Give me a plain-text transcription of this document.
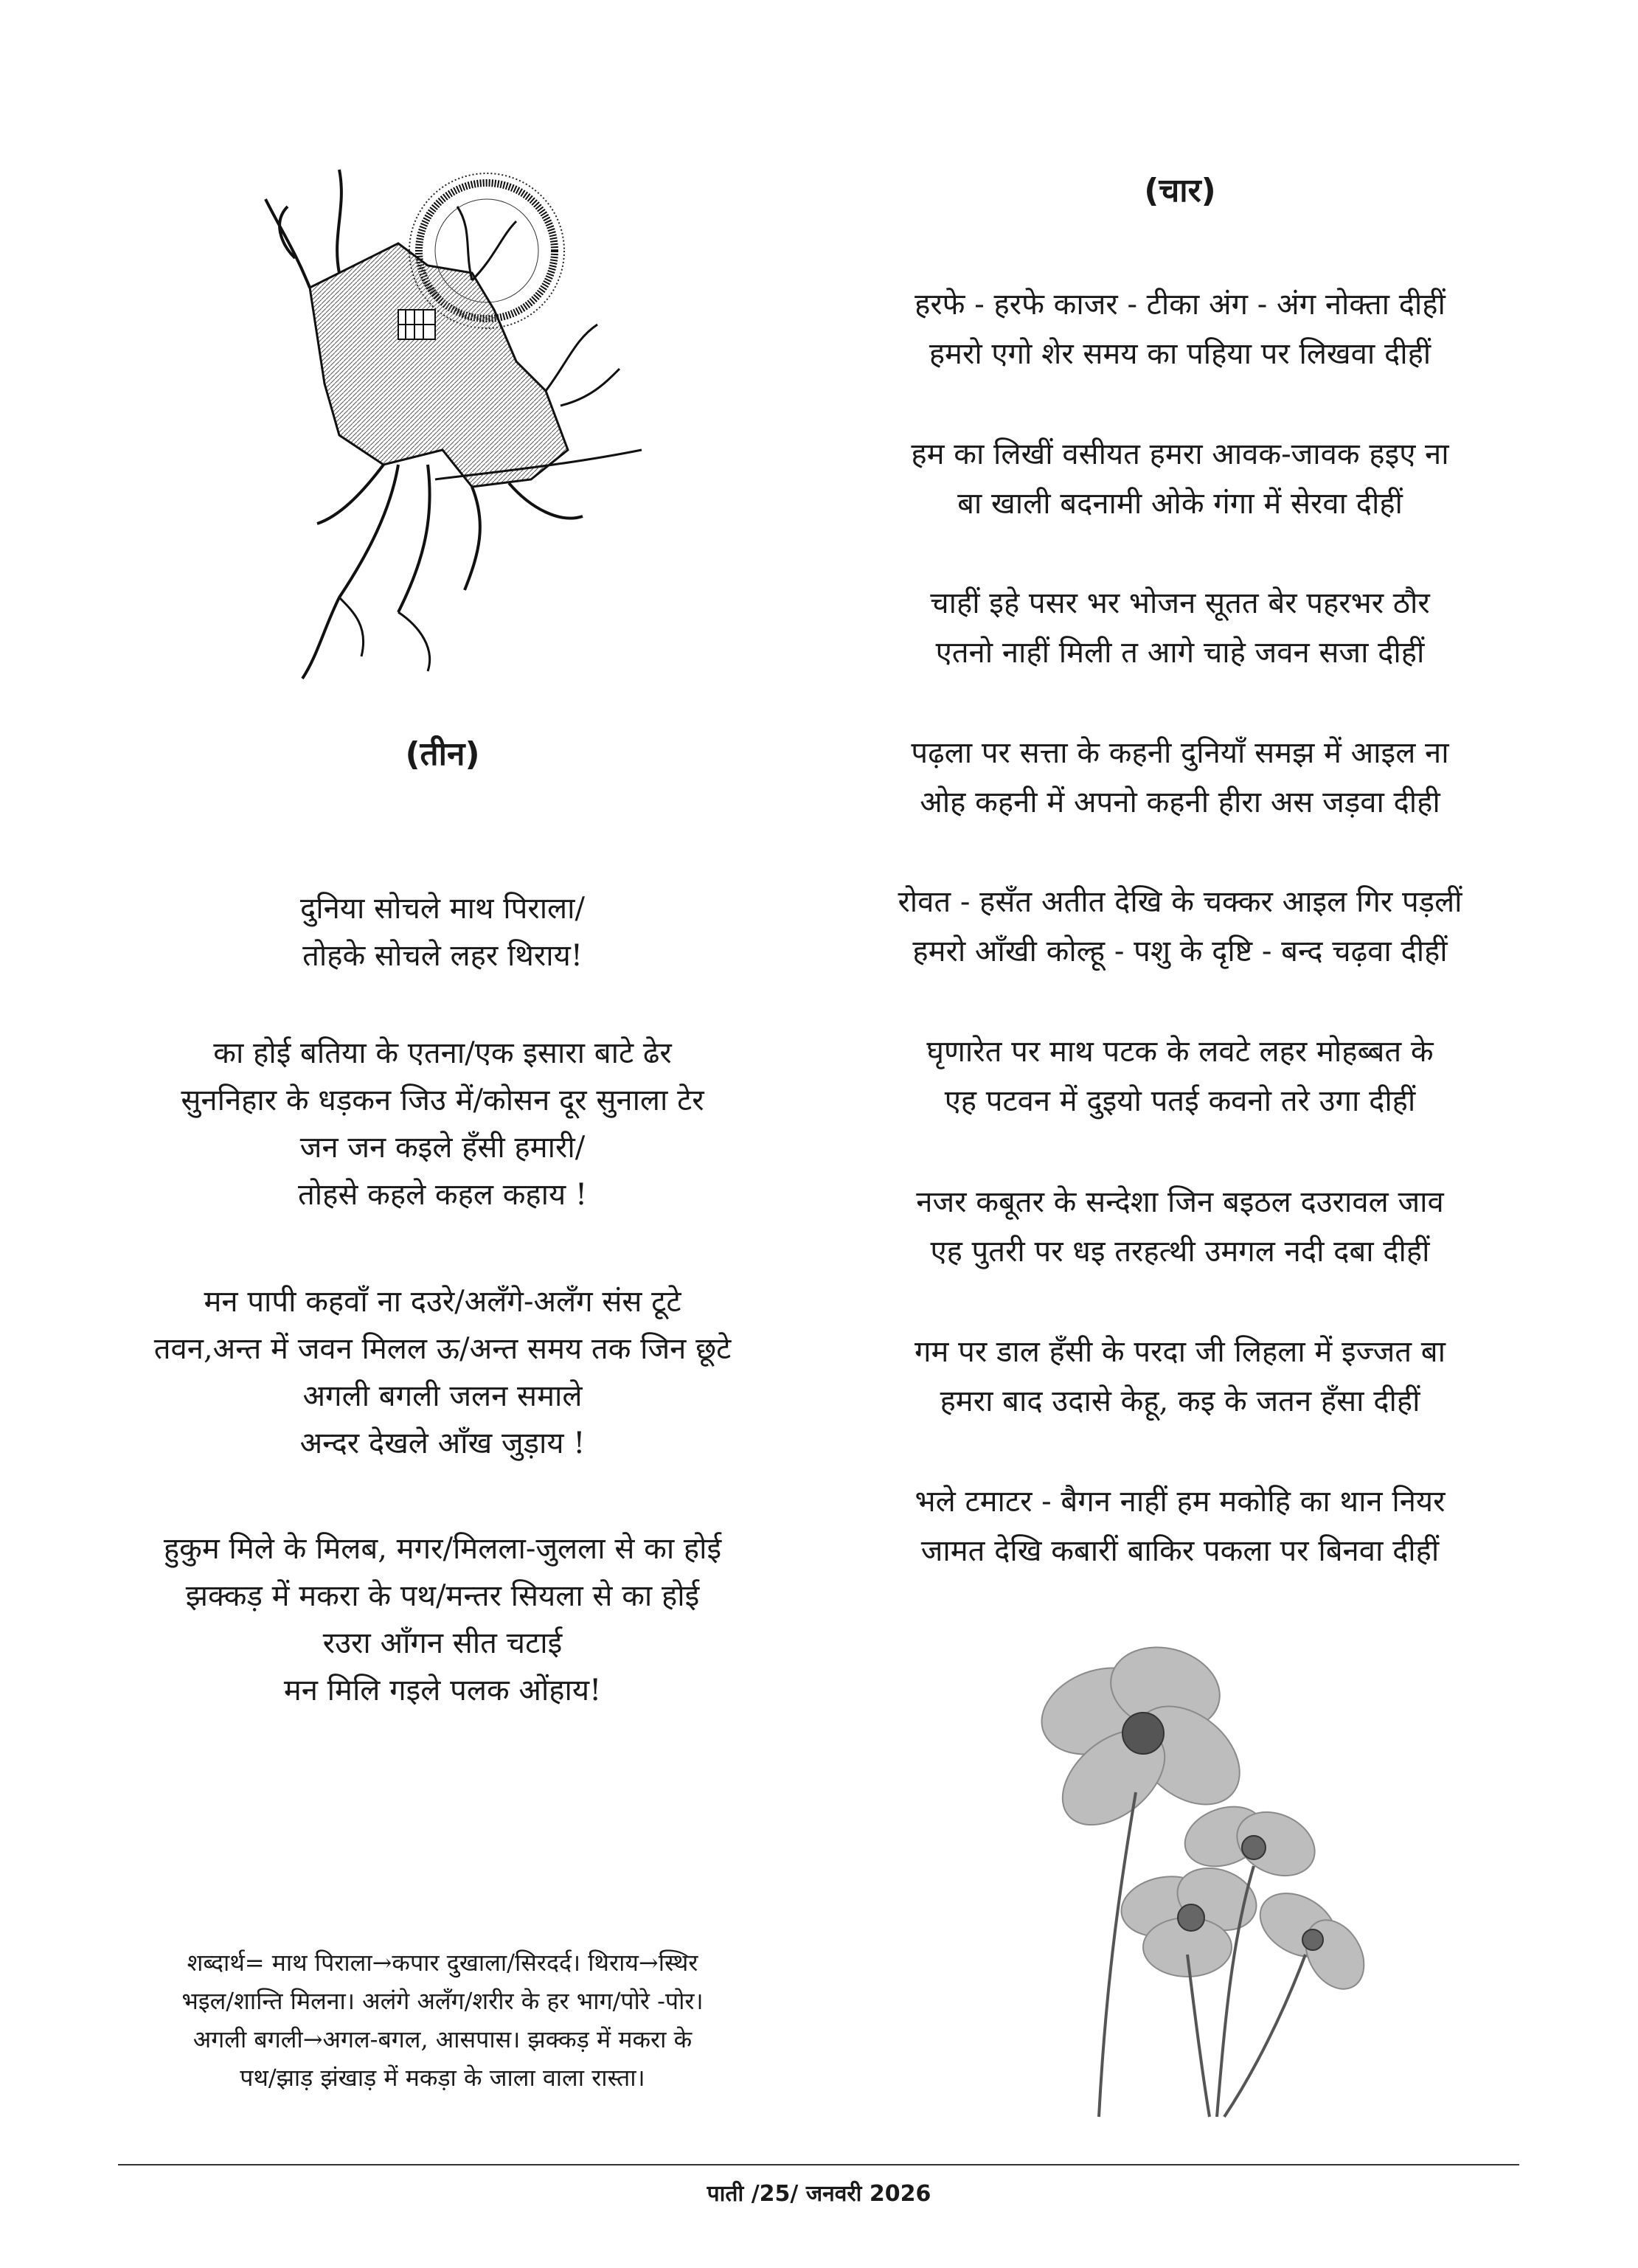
(तीन)
दुनिया सोचले माथ पिराला/
तोहके सोचले लहर थिराय!
का होई बतिया के एतना/एक इसारा बाटे ढेर
सुननिहार के धड़कन जिउ में/कोसन दूर सुनाला टेर
जन जन कइले हँसी हमारी/
तोहसे कहले कहल कहाय !
मन पापी कहवाँ ना दउरे/अलँगे-अलँग संस टूटे
तवन,अन्त में जवन मिलल ऊ/अन्त समय तक जिन छूटे
अगली बगली जलन समाले
अन्दर देखले आँख जुड़ाय !
हुकुम मिले के मिलब, मगर/मिलला-जुलला से का होई
झक्कड़ में मकरा के पथ/मन्तर सियला से का होई
रउरा आँगन सीत चटाई
मन मिलि गइले पलक ओंहाय!
शब्दार्थ= माथ पिराला→कपार दुखाला/सिरदर्द। थिराय→स्थिर
भइल/शान्ति मिलना। अलंगे अलँग/शरीर के हर भाग/पोरे -पोर।
अगली बगली→अगल-बगल, आसपास। झक्कड़ में मकरा के
पथ/झाड़ झंखाड़ में मकड़ा के जाला वाला रास्ता।
(चार)
हरफे - हरफे काजर - टीका अंग - अंग नोक्ता दीहीं
हमरो एगो शेर समय का पहिया पर लिखवा दीहीं
हम का लिखीं वसीयत हमरा आवक-जावक हइए ना
बा खाली बदनामी ओके गंगा में सेरवा दीहीं
चाहीं इहे पसर भर भोजन सूतत बेर पहरभर ठौर
एतनो नाहीं मिली त आगे चाहे जवन सजा दीहीं
पढ़ला पर सत्ता के कहनी दुनियाँ समझ में आइल ना
ओह कहनी में अपनो कहनी हीरा अस जड़वा दीही
रोवत - हसँत अतीत देखि के चक्कर आइल गिर पड़लीं
हमरो आँखी कोल्हू - पशु के दृष्टि - बन्द चढ़वा दीहीं
घृणारेत पर माथ पटक के लवटे लहर मोहब्बत के
एह पटवन में दुइयो पतई कवनो तरे उगा दीहीं
नजर कबूतर के सन्देशा जिन बइठल दउरावल जाव
एह पुतरी पर धइ तरहत्थी उमगल नदी दबा दीहीं
गम पर डाल हँसी के परदा जी लिहला में इज्जत बा
हमरा बाद उदासे केहू, कइ के जतन हँसा दीहीं
भले टमाटर - बैगन नाहीं हम मकोहि का थान नियर
जामत देखि कबारीं बाकिर पकला पर बिनवा दीहीं
पाती /25/ जनवरी 2026
